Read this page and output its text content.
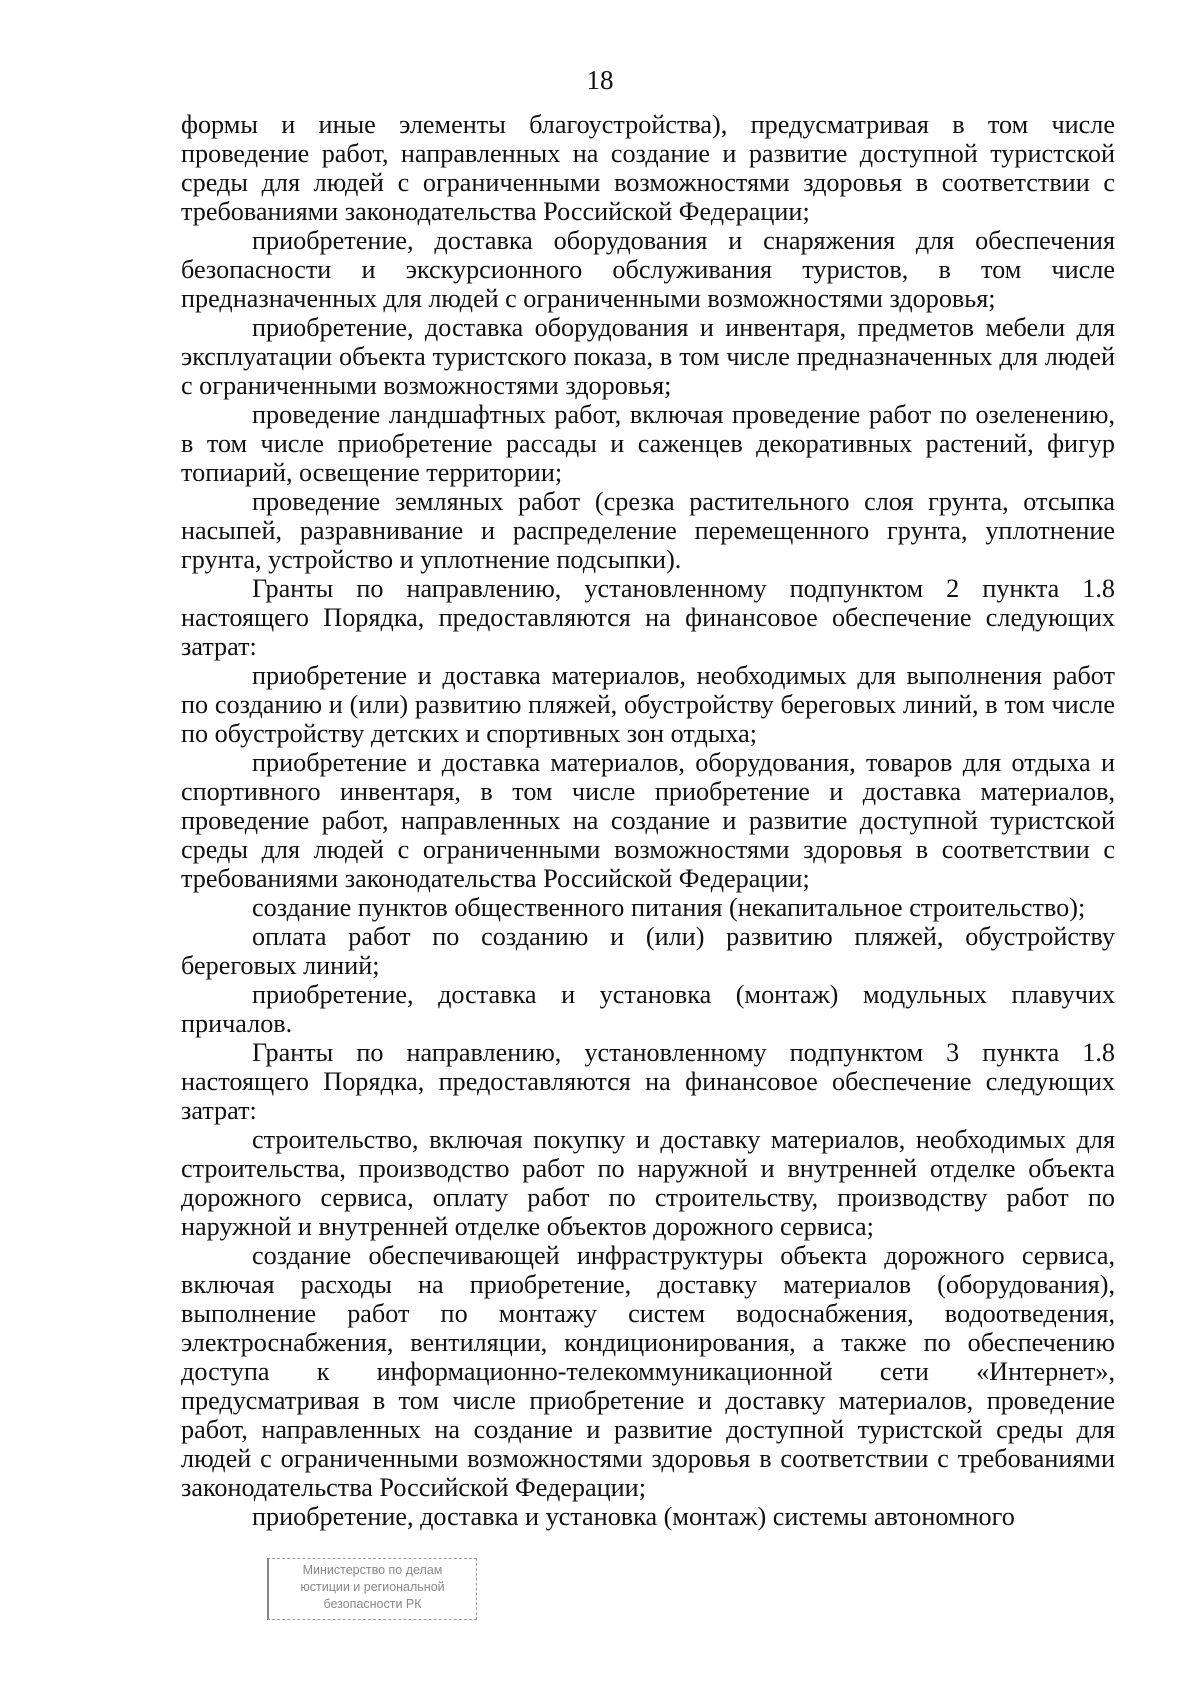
18

формы и иные элементы благоустройства), предусматривая в том числе проведение работ, направленных на создание и развитие доступной туристской среды для людей с ограниченными возможностями здоровья в соответствии с требованиями законодательства Российской Федерации;

приобретение, доставка оборудования и снаряжения для обеспечения безопасности и экскурсионного обслуживания туристов, в том числе предназначенных для людей с ограниченными возможностями здоровья;

приобретение, доставка оборудования и инвентаря, предметов мебели для эксплуатации объекта туристского показа, в том числе предназначенных для людей с ограниченными возможностями здоровья;

проведение ландшафтных работ, включая проведение работ по озеленению, в том числе приобретение рассады и саженцев декоративных растений, фигур топиарий, освещение территории;

проведение земляных работ (срезка растительного слоя грунта, отсыпка насыпей, разравнивание и распределение перемещенного грунта, уплотнение грунта, устройство и уплотнение подсыпки).

Гранты по направлению, установленному подпунктом 2 пункта 1.8 настоящего Порядка, предоставляются на финансовое обеспечение следующих затрат:

приобретение и доставка материалов, необходимых для выполнения работ по созданию и (или) развитию пляжей, обустройству береговых линий, в том числе по обустройству детских и спортивных зон отдыха;

приобретение и доставка материалов, оборудования, товаров для отдыха и спортивного инвентаря, в том числе приобретение и доставка материалов, проведение работ, направленных на создание и развитие доступной туристской среды для людей с ограниченными возможностями здоровья в соответствии с требованиями законодательства Российской Федерации;

создание пунктов общественного питания (некапитальное строительство);

оплата работ по созданию и (или) развитию пляжей, обустройству береговых линий;

приобретение, доставка и установка (монтаж) модульных плавучих причалов.

Гранты по направлению, установленному подпунктом 3 пункта 1.8 настоящего Порядка, предоставляются на финансовое обеспечение следующих затрат:

строительство, включая покупку и доставку материалов, необходимых для строительства, производство работ по наружной и внутренней отделке объекта дорожного сервиса, оплату работ по строительству, производству работ по наружной и внутренней отделке объектов дорожного сервиса;

создание обеспечивающей инфраструктуры объекта дорожного сервиса, включая расходы на приобретение, доставку материалов (оборудования), выполнение работ по монтажу систем водоснабжения, водоотведения, электроснабжения, вентиляции, кондиционирования, а также по обеспечению доступа к информационно-телекоммуникационной сети «Интернет», предусматривая в том числе приобретение и доставку материалов, проведение работ, направленных на создание и развитие доступной туристской среды для людей с ограниченными возможностями здоровья в соответствии с требованиями законодательства Российской Федерации;

приобретение, доставка и установка (монтаж) системы автономного

Министерство по делам
юстиции и региональной
безопасности РК
